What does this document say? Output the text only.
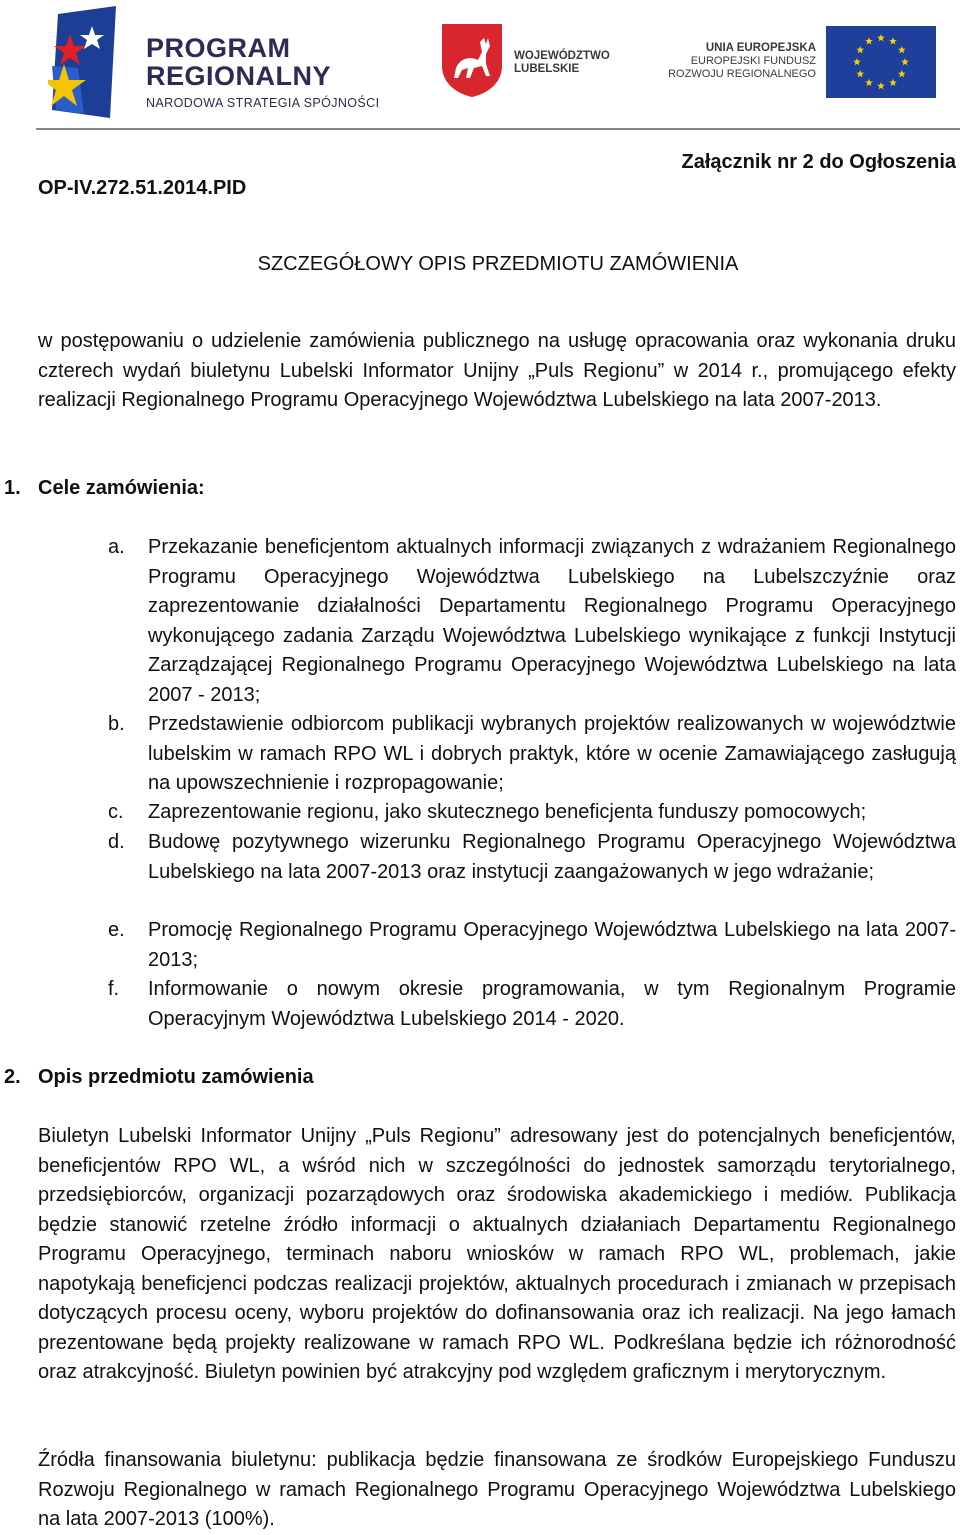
PROGRAM
REGIONALNY
NARODOWA STRATEGIA SPÓJNOŚCI
WOJEWÓDZTWO
LUBELSKIE
UNIA EUROPEJSKA
EUROPEJSKI FUNDUSZ
ROZWOJU REGIONALNEGO
Załącznik nr 2 do Ogłoszenia
OP-IV.272.51.2014.PID
SZCZEGÓŁOWY OPIS PRZEDMIOTU ZAMÓWIENIA
w postępowaniu o udzielenie zamówienia publicznego na usługę opracowania oraz wykonania druku czterech wydań biuletynu Lubelski Informator Unijny „Puls Regionu” w 2014 r., promującego efekty realizacji Regionalnego Programu Operacyjnego Województwa Lubelskiego na lata 2007-2013.
1. Cele zamówienia:
a. Przekazanie beneficjentom aktualnych informacji związanych z wdrażaniem Regionalnego Programu Operacyjnego Województwa Lubelskiego na Lubelszczyźnie oraz zaprezentowanie działalności Departamentu Regionalnego Programu Operacyjnego wykonującego zadania Zarządu Województwa Lubelskiego wynikające z funkcji Instytucji Zarządzającej Regionalnego Programu Operacyjnego Województwa Lubelskiego na lata 2007 - 2013;
b. Przedstawienie odbiorcom publikacji wybranych projektów realizowanych w województwie lubelskim w ramach RPO WL i dobrych praktyk, które w ocenie Zamawiającego zasługują na upowszechnienie i rozpropagowanie;
c. Zaprezentowanie regionu, jako skutecznego beneficjenta funduszy pomocowych;
d. Budowę pozytywnego wizerunku Regionalnego Programu Operacyjnego Województwa Lubelskiego na lata 2007-2013 oraz instytucji zaangażowanych w jego wdrażanie;
e. Promocję Regionalnego Programu Operacyjnego Województwa Lubelskiego na lata 2007-2013;
f. Informowanie o nowym okresie programowania, w tym Regionalnym Programie Operacyjnym Województwa Lubelskiego 2014 - 2020.
2. Opis przedmiotu zamówienia
Biuletyn Lubelski Informator Unijny „Puls Regionu” adresowany jest do potencjalnych beneficjentów, beneficjentów RPO WL, a wśród nich w szczególności do jednostek samorządu terytorialnego, przedsiębiorców, organizacji pozarządowych oraz środowiska akademickiego i mediów. Publikacja będzie stanowić rzetelne źródło informacji o aktualnych działaniach Departamentu Regionalnego Programu Operacyjnego, terminach naboru wniosków w ramach RPO WL, problemach, jakie napotykają beneficjenci podczas realizacji projektów, aktualnych procedurach i zmianach w przepisach dotyczących procesu oceny, wyboru projektów do dofinansowania oraz ich realizacji. Na jego łamach prezentowane będą projekty realizowane w ramach RPO WL. Podkreślana będzie ich różnorodność oraz atrakcyjność. Biuletyn powinien być atrakcyjny pod względem graficznym i merytorycznym.
Źródła finansowania biuletynu: publikacja będzie finansowana ze środków Europejskiego Funduszu Rozwoju Regionalnego w ramach Regionalnego Programu Operacyjnego Województwa Lubelskiego na lata 2007-2013 (100%).
